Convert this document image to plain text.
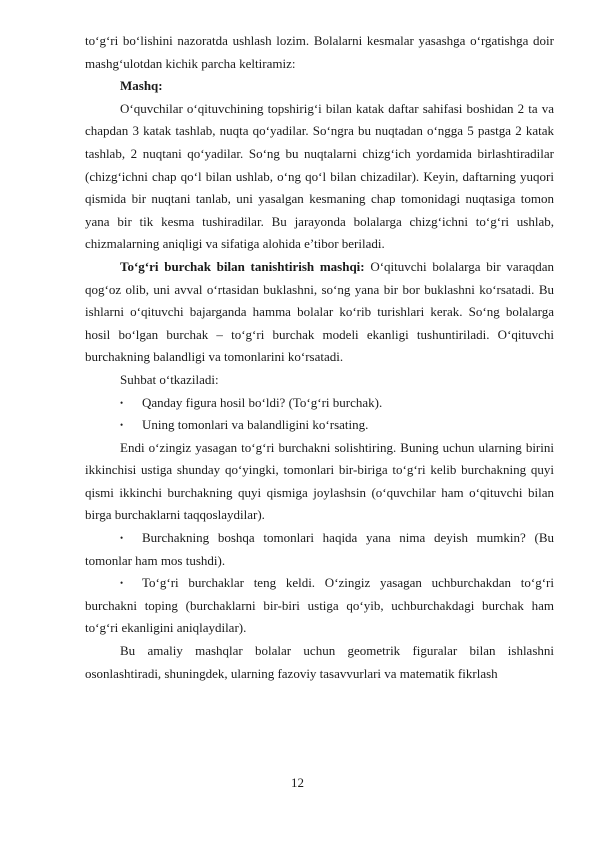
to‘g‘ri bo‘lishini nazoratda ushlash lozim. Bolalarni kesmalar yasashga o‘rgatishga doir mashg‘ulotdan kichik parcha keltiramiz:

Mashq:

O‘quvchilar o‘qituvchining topshirig‘i bilan katak daftar sahifasi boshidan 2 ta va chapdan 3 katak tashlab, nuqta qo‘yadilar. So‘ngra bu nuqtadan o‘ngga 5 pastga 2 katak tashlab, 2 nuqtani qo‘yadilar. So‘ng bu nuqtalarni chizg‘ich yordamida birlashtiradilar (chizg‘ichni chap qo‘l bilan ushlab, o‘ng qo‘l bilan chizadilar). Keyin, daftarning yuqori qismida bir nuqtani tanlab, uni yasalgan kesmaning chap tomonidagi nuqtasiga tomon yana bir tik kesma tushiradilar. Bu jarayonda bolalarga chizg‘ichni to‘g‘ri ushlab, chizmalarning aniqligi va sifatiga alohida e’tibor beriladi.

To‘g‘ri burchak bilan tanishtirish mashqi: O‘qituvchi bolalarga bir varaqdan qog‘oz olib, uni avval o‘rtasidan buklashni, so‘ng yana bir bor buklashni ko‘rsatadi. Bu ishlarni o‘qituvchi bajarganda hamma bolalar ko‘rib turishlari kerak. So‘ng bolalarga hosil bo‘lgan burchak – to‘g‘ri burchak modeli ekanligi tushuntiriladi. O‘qituvchi burchakning balandligi va tomonlarini ko‘rsatadi.

Suhbat o‘tkaziladi:

• Qanday figura hosil bo‘ldi? (To‘g‘ri burchak).

• Uning tomonlari va balandligini ko‘rsating.

Endi o‘zingiz yasagan to‘g‘ri burchakni solishtiring. Buning uchun ularning birini ikkinchisi ustiga shunday qo‘yingki, tomonlari bir-biriga to‘g‘ri kelib burchakning quyi qismi ikkinchi burchakning quyi qismiga joylashsin (o‘quvchilar ham o‘qituvchi bilan birga burchaklarni taqqoslaydilar).

• Burchakning boshqa tomonlari haqida yana nima deyish mumkin? (Bu tomonlar ham mos tushdi).

• To‘g‘ri burchaklar teng keldi. O‘zingiz yasagan uchburchakdan to‘g‘ri burchakni toping (burchaklarni bir-biri ustiga qo‘yib, uchburchakdagi burchak ham to‘g‘ri ekanligini aniqlaydilar).

Bu amaliy mashqlar bolalar uchun geometrik figuralar bilan ishlashni osonlashtiradi, shuningdek, ularning fazoviy tasavvurlari va matematik fikrlash

12
